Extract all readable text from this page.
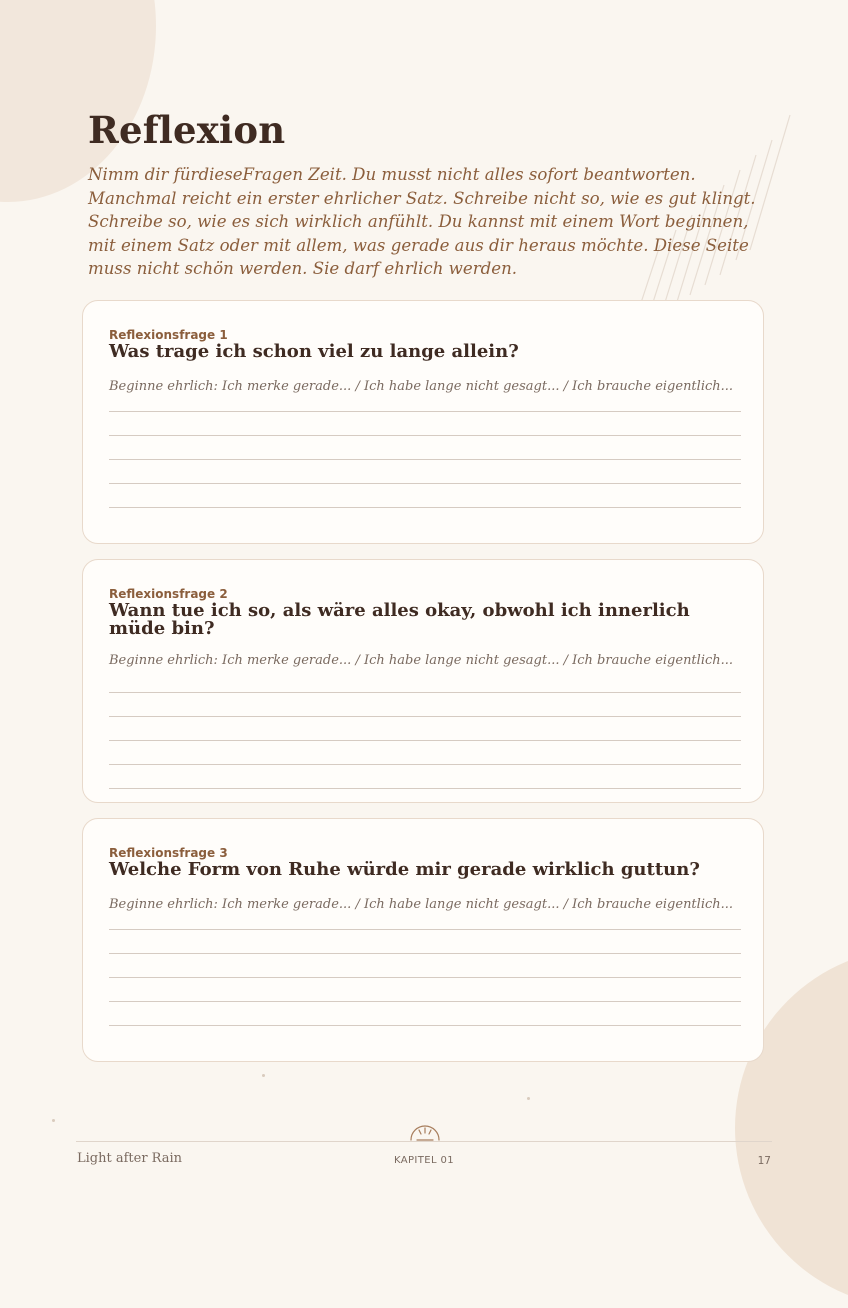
Reflexion

Nimm dir fürdieseFragen Zeit. Du musst nicht alles sofort beantworten. Manchmal reicht ein erster ehrlicher Satz. Schreibe nicht so, wie es gut klingt. Schreibe so, wie es sich wirklich anfühlt. Du kannst mit einem Wort beginnen, mit einem Satz oder mit allem, was gerade aus dir heraus möchte. Diese Seite muss nicht schön werden. Sie darf ehrlich werden.

Reflexionsfrage 1
Was trage ich schon viel zu lange allein?
Beginne ehrlich: Ich merke gerade... / Ich habe lange nicht gesagt... / Ich brauche eigentlich...
Reflexionsfrage 2
Wann tue ich so, als wäre alles okay, obwohl ich innerlich müde bin?
Beginne ehrlich: Ich merke gerade... / Ich habe lange nicht gesagt... / Ich brauche eigentlich...
Reflexionsfrage 3
Welche Form von Ruhe würde mir gerade wirklich guttun?
Beginne ehrlich: Ich merke gerade... / Ich habe lange nicht gesagt... / Ich brauche eigentlich...
Light after Rain	KAPITEL 01	17
